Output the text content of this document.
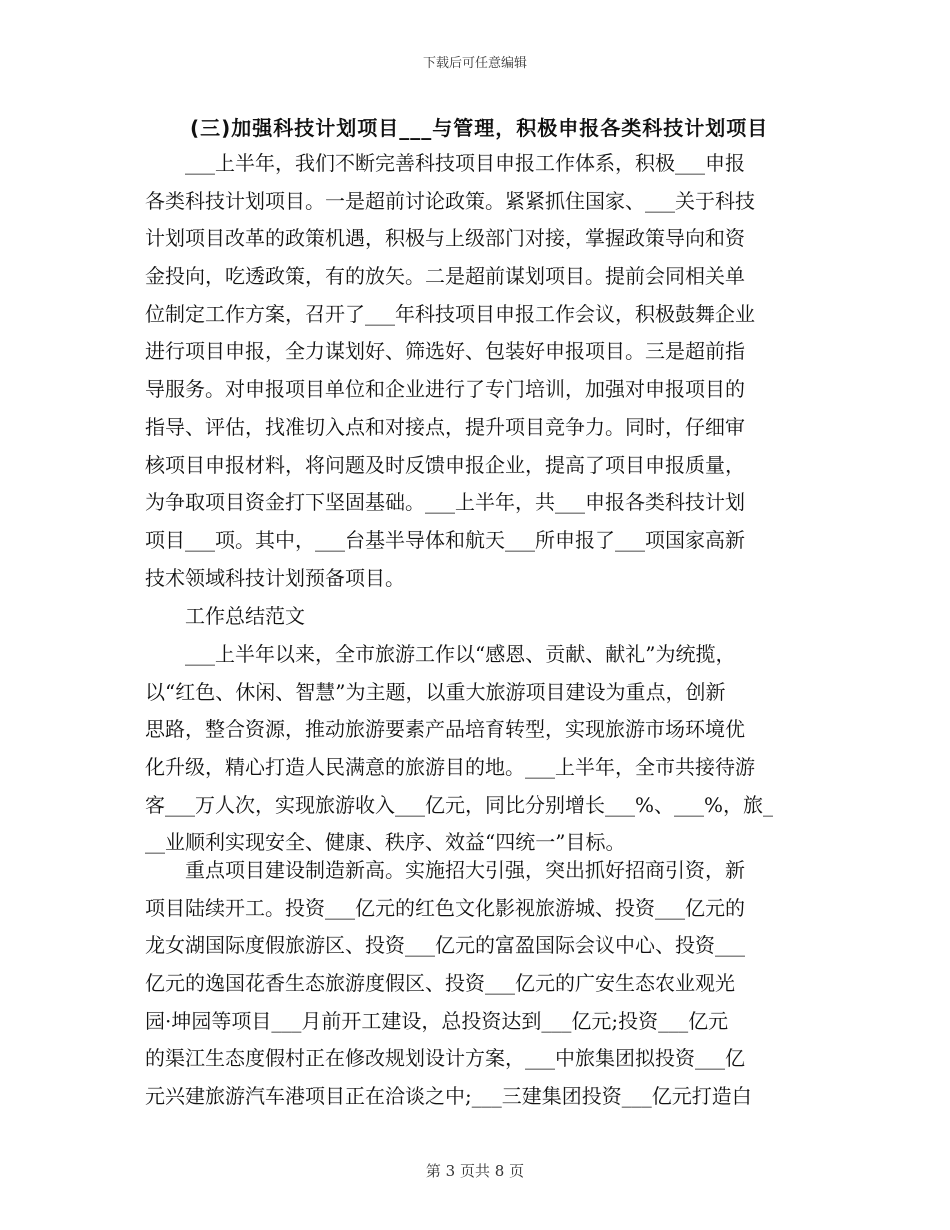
下载后可任意编辑
(三)加强科技计划项目___与管理，积极申报各类科技计划项目
　　___上半年，我们不断完善科技项目申报工作体系，积极___申报
各类科技计划项目。一是超前讨论政策。紧紧抓住国家、___关于科技
计划项目改革的政策机遇，积极与上级部门对接，掌握政策导向和资
金投向，吃透政策，有的放矢。二是超前谋划项目。提前会同相关单
位制定工作方案，召开了___年科技项目申报工作会议，积极鼓舞企业
进行项目申报，全力谋划好、筛选好、包装好申报项目。三是超前指
导服务。对申报项目单位和企业进行了专门培训，加强对申报项目的
指导、评估，找准切入点和对接点，提升项目竞争力。同时，仔细审
核项目申报材料，将问题及时反馈申报企业，提高了项目申报质量，
为争取项目资金打下坚固基础。___上半年，共___申报各类科技计划
项目___项。其中，___台基半导体和航天___所申报了___项国家高新
技术领域科技计划预备项目。
　　工作总结范文
　　___上半年以来，全市旅游工作以“感恩、贡献、献礼”为统揽，
以“红色、休闲、智慧”为主题，以重大旅游项目建设为重点，创新
思路，整合资源，推动旅游要素产品培育转型，实现旅游市场环境优
化升级，精心打造人民满意的旅游目的地。___上半年，全市共接待游
客___万人次，实现旅游收入___亿元，同比分别增长___%、___%，旅_
__业顺利实现安全、健康、秩序、效益“四统一”目标。
　　重点项目建设制造新高。实施招大引强，突出抓好招商引资，新
项目陆续开工。投资___亿元的红色文化影视旅游城、投资___亿元的
龙女湖国际度假旅游区、投资___亿元的富盈国际会议中心、投资___
亿元的逸国花香生态旅游度假区、投资___亿元的广安生态农业观光
园·坤园等项目___月前开工建设，总投资达到___亿元;投资___亿元
的渠江生态度假村正在修改规划设计方案，___中旅集团拟投资___亿
元兴建旅游汽车港项目正在洽谈之中;___三建集团投资___亿元打造白
第 3 页共 8 页
